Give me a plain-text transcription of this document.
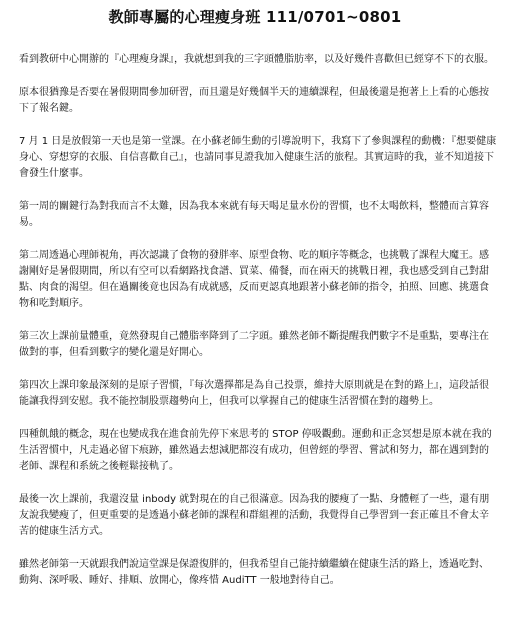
教師專屬的心理瘦身班 111/0701~0801

看到教研中心開辦的『心理瘦身課』，我就想到我的三字頭體脂肪率，以及好幾件喜歡但已經穿不下的衣服。

原本很猶豫是否要在暑假期間參加研習，而且還是好幾個半天的連續課程，但最後還是抱著上上看的心態按下了報名鍵。

7 月 1 日是放假第一天也是第一堂課。在小蘇老師生動的引導說明下，我寫下了參與課程的動機：『想要健康身心、穿想穿的衣服、自信喜歡自己』，也請同事見證我加入健康生活的旅程。其實這時的我，並不知道接下會發生什麼事。

第一周的關鍵行為對我而言不太難，因為我本來就有每天喝足量水份的習慣，也不太喝飲料，整體而言算容易。

第二周透過心理師視角，再次認識了食物的發胖率、原型食物、吃的順序等概念，也挑戰了課程大魔王。感謝剛好是暑假期間，所以有空可以看網路找食譜、買菜、備餐，而在兩天的挑戰日裡，我也感受到自己對甜點、肉食的渴望。但在過關後竟也因為有成就感，反而更認真地跟著小蘇老師的指令，拍照、回應、挑選食物和吃對順序。

第三次上課前量體重，竟然發現自己體脂率降到了二字頭。雖然老師不斷提醒我們數字不是重點，要專注在做對的事，但看到數字的變化還是好開心。

第四次上課印象最深刻的是原子習慣，『每次選擇都是為自己投票，維持大原則就是在對的路上』，這段話很能讓我得到安慰。我不能控制股票趨勢向上，但我可以掌握自己的健康生活習慣在對的趨勢上。

四種飢餓的概念，現在也變成我在進食前先停下來思考的 STOP 停吸觀動。運動和正念冥想是原本就在我的生活習慣中，凡走過必留下痕跡，雖然過去想減肥都沒有成功，但曾經的學習、嘗試和努力，都在遇到對的老師、課程和系統之後輕鬆接軌了。

最後一次上課前，我還沒量 inbody 就對現在的自己很滿意。因為我的腰瘦了一點、身體輕了一些，還有朋友說我變瘦了，但更重要的是透過小蘇老師的課程和群組裡的活動，我覺得自己學習到一套正確且不會太辛苦的健康生活方式。

雖然老師第一天就跟我們說這堂課是保證復胖的，但我希望自己能持續繼續在健康生活的路上，透過吃對、動夠、深呼吸、睡好、排順、放開心，像疼惜 AudiTT 一般地對待自己。
